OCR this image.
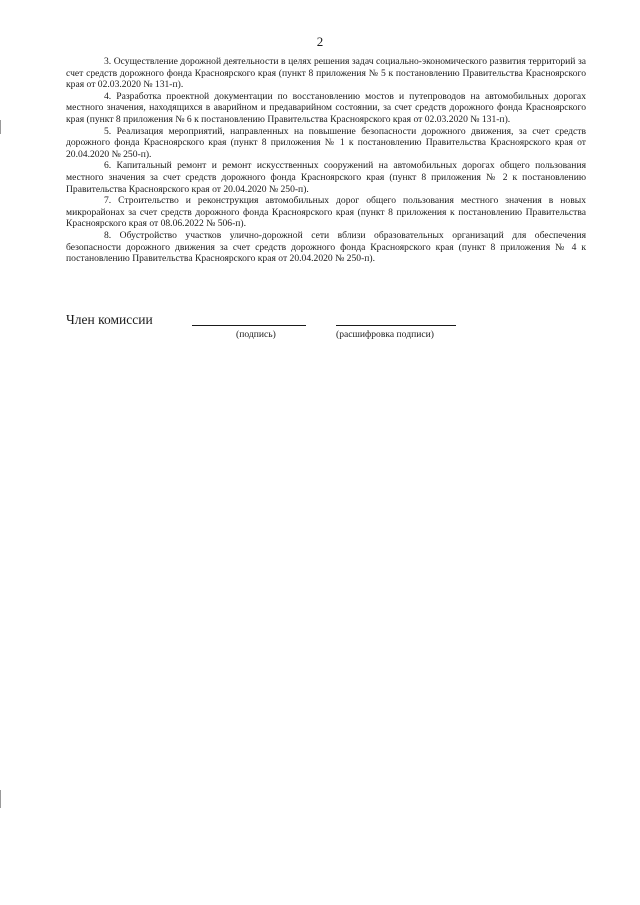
2

3. Осуществление дорожной деятельности в целях решения задач социально-экономического развития территорий за счет средств дорожного фонда Красноярского края (пункт 8 приложения № 5 к постановлению Правительства Красноярского края от 02.03.2020 № 131-п).

4. Разработка проектной документации по восстановлению мостов и путепроводов на автомобильных дорогах местного значения, находящихся в аварийном и предаварийном состоянии, за счет средств дорожного фонда Красноярского края (пункт 8 приложения № 6 к постановлению Правительства Красноярского края от 02.03.2020 № 131-п).

5. Реализация мероприятий, направленных на повышение безопасности дорожного движения, за счет средств дорожного фонда Красноярского края (пункт 8 приложения № 1 к постановлению Правительства Красноярского края от 20.04.2020 № 250-п).

6. Капитальный ремонт и ремонт искусственных сооружений на автомобильных дорогах общего пользования местного значения за счет средств дорожного фонда Красноярского края (пункт 8 приложения № 2 к постановлению Правительства Красноярского края от 20.04.2020 № 250-п).

7. Строительство и реконструкция автомобильных дорог общего пользования местного значения в новых микрорайонах за счет средств дорожного фонда Красноярского края (пункт 8 приложения к постановлению Правительства Красноярского края от 08.06.2022 № 506-п).

8. Обустройство участков улично-дорожной сети вблизи образовательных организаций для обеспечения безопасности дорожного движения за счет средств дорожного фонда Красноярского края (пункт 8 приложения № 4 к постановлению Правительства Красноярского края от 20.04.2020 № 250-п).

Член комиссии
(подпись)	(расшифровка подписи)
